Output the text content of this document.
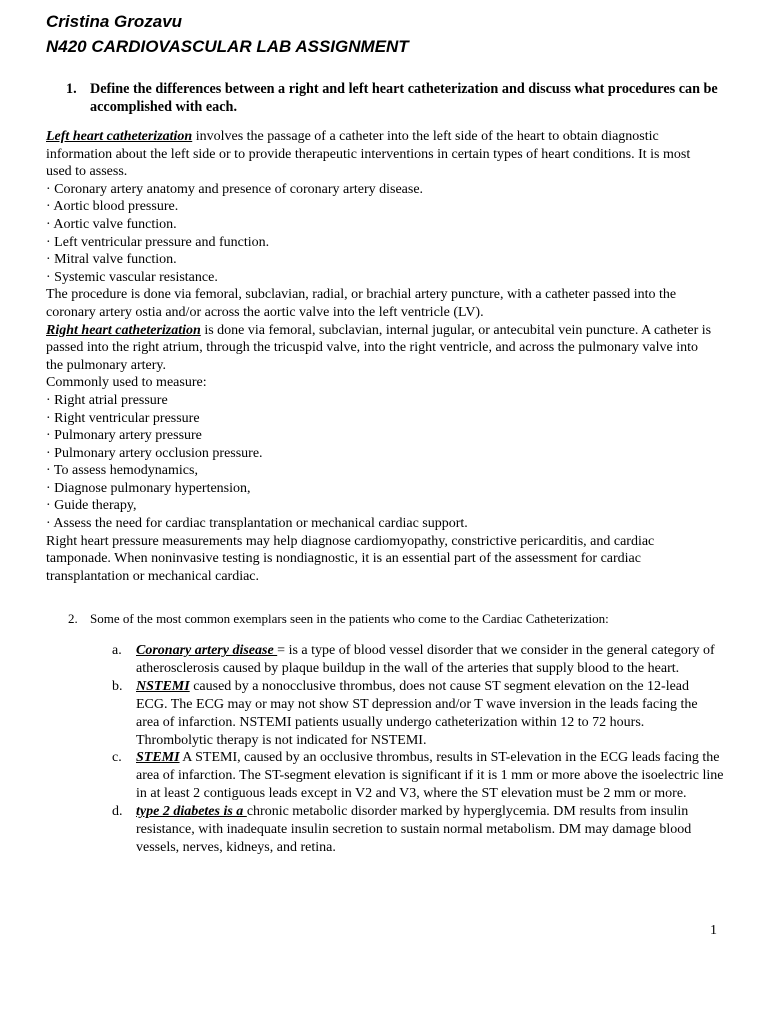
Cristina Grozavu
N420 CARDIOVASCULAR LAB ASSIGNMENT
1. Define the differences between a right and left heart catheterization and discuss what procedures can be accomplished with each.

Left heart catheterization involves the passage of a catheter into the left side of the heart to obtain diagnostic information about the left side or to provide therapeutic interventions in certain types of heart conditions. It is most used to assess.

· Coronary artery anatomy and presence of coronary artery disease.

· Aortic blood pressure.

· Aortic valve function.

· Left ventricular pressure and function.

· Mitral valve function.

· Systemic vascular resistance.

The procedure is done via femoral, subclavian, radial, or brachial artery puncture, with a catheter passed into the coronary artery ostia and/or across the aortic valve into the left ventricle (LV).

Right heart catheterization is done via femoral, subclavian, internal jugular, or antecubital vein puncture. A catheter is passed into the right atrium, through the tricuspid valve, into the right ventricle, and across the pulmonary valve into the pulmonary artery.

Commonly used to measure:

· Right atrial pressure

· Right ventricular pressure

· Pulmonary artery pressure

· Pulmonary artery occlusion pressure.

· To assess hemodynamics,

· Diagnose pulmonary hypertension,

· Guide therapy,

· Assess the need for cardiac transplantation or mechanical cardiac support.

Right heart pressure measurements may help diagnose cardiomyopathy, constrictive pericarditis, and cardiac tamponade. When noninvasive testing is nondiagnostic, it is an essential part of the assessment for cardiac transplantation or mechanical cardiac.

2. Some of the most common exemplars seen in the patients who come to the Cardiac Catheterization:
a.	Coronary artery disease = is a type of blood vessel disorder that we consider in the general category of atherosclerosis caused by plaque buildup in the wall of the arteries that supply blood to the heart.
b. NSTEMI caused by a nonocclusive thrombus, does not cause ST segment elevation on the 12-lead ECG. The ECG may or may not show ST depression and/or T wave inversion in the leads facing the area of infarction. NSTEMI patients usually undergo catheterization within 12 to 72 hours. Thrombolytic therapy is not indicated for NSTEMI.
c.	STEMI A STEMI, caused by an occlusive thrombus, results in ST-elevation in the ECG leads facing the area of infarction. The ST-segment elevation is significant if it is 1 mm or more above the isoelectric line in at least 2 contiguous leads except in V2 and V3, where the ST elevation must be 2 mm or more.
d. type 2 diabetes is a chronic metabolic disorder marked by hyperglycemia. DM results from insulin resistance, with inadequate insulin secretion to sustain normal metabolism. DM may damage blood vessels, nerves, kidneys, and retina.
1
